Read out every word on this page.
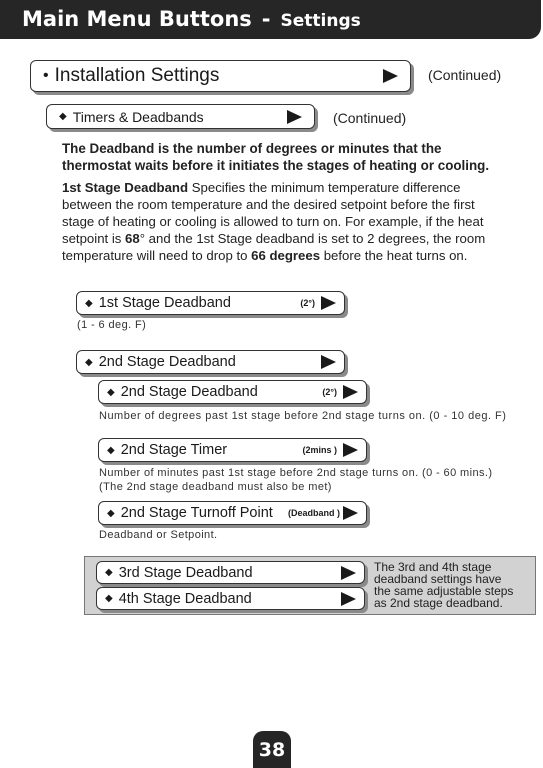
Main Menu Buttons - Settings
• Installation Settings	(Continued)
◆ Timers & Deadbands	(Continued)
The Deadband is the number of degrees or minutes that the
thermostat waits before it initiates the stages of heating or cooling.
1st Stage Deadband Specifies the minimum temperature difference between the room temperature and the desired setpoint before the first stage of heating or cooling is allowed to turn on. For example, if the heat setpoint is 68° and the 1st Stage deadband is set to 2 degrees, the room temperature will need to drop to 66 degrees before the heat turns on.
◆ 1st Stage Deadband	(2°)
(1 - 6 deg. F)
◆ 2nd Stage Deadband
◆ 2nd Stage Deadband	(2°)
Number of degrees past 1st stage before 2nd stage turns on. (0 - 10 deg. F)
◆ 2nd Stage Timer	(2mins )
Number of minutes past 1st stage before 2nd stage turns on. (0 - 60 mins.)
(The 2nd stage deadband must also be met)
◆ 2nd Stage Turnoff Point	(Deadband )
Deadband or Setpoint.
◆ 3rd Stage Deadband
◆ 4th Stage Deadband
The 3rd and 4th stage
deadband settings have
the same adjustable steps
as 2nd stage deadband.
38
